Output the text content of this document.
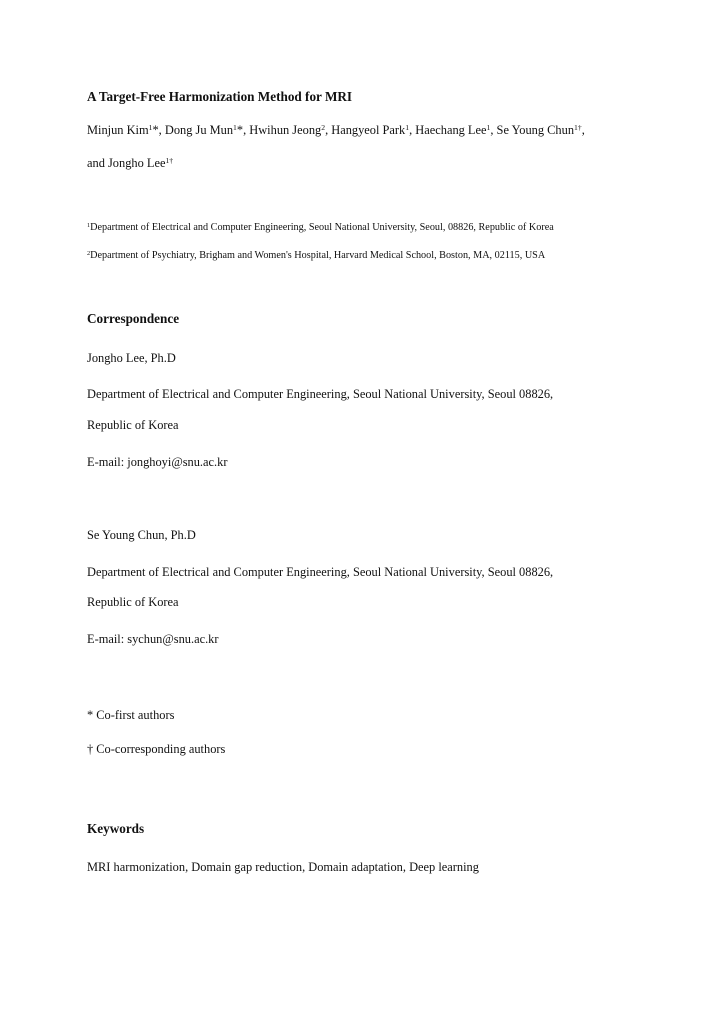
A Target-Free Harmonization Method for MRI
Minjun Kim$^1$*, Dong Ju Mun$^1$*, Hwihun Jeong$^2$, Hangyeol Park$^1$, Haechang Lee$^1$, Se Young Chun$^{1\dagger}$,
and Jongho Lee$^{1\dagger}$
$^1$Department of Electrical and Computer Engineering, Seoul National University, Seoul, 08826, Republic of Korea
$^2$Department of Psychiatry, Brigham and Women's Hospital, Harvard Medical School, Boston, MA, 02115, USA
Correspondence
Jongho Lee, Ph.D
Department of Electrical and Computer Engineering, Seoul National University, Seoul 08826,
Republic of Korea
E-mail: jonghoyi@snu.ac.kr
Se Young Chun, Ph.D
Department of Electrical and Computer Engineering, Seoul National University, Seoul 08826,
Republic of Korea
E-mail: sychun@snu.ac.kr
* Co-first authors
† Co-corresponding authors
Keywords
MRI harmonization, Domain gap reduction, Domain adaptation, Deep learning
